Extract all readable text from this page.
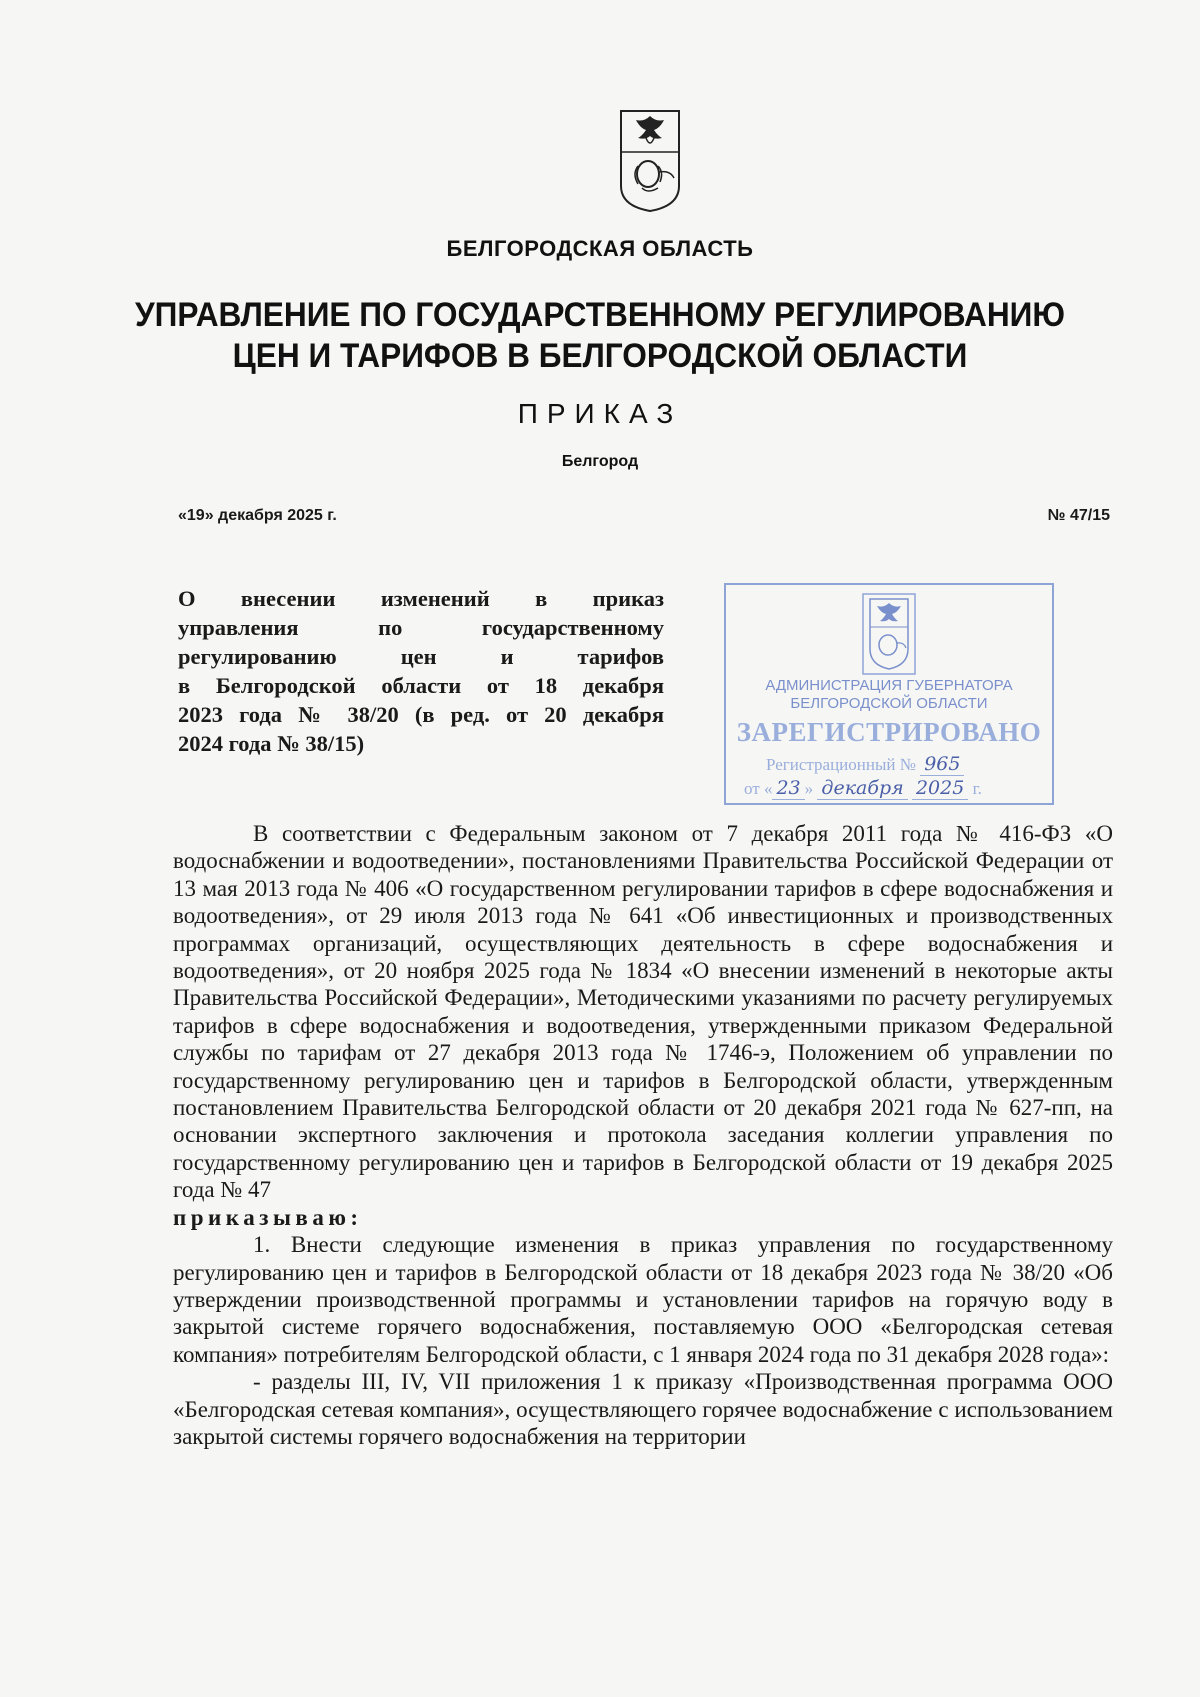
БЕЛГОРОДСКАЯ ОБЛАСТЬ
УПРАВЛЕНИЕ ПО ГОСУДАРСТВЕННОМУ РЕГУЛИРОВАНИЮ
ЦЕН И ТАРИФОВ В БЕЛГОРОДСКОЙ ОБЛАСТИ
ПРИКАЗ
Белгород
«19» декабря 2025 г.	№ 47/15
О внесении изменений в приказ
управления по государственному
регулированию цен и тарифов
в Белгородской области от 18 декабря
2023 года № 38/20 (в ред. от 20 декабря
2024 года № 38/15)
АДМИНИСТРАЦИЯ ГУБЕРНАТОРА
БЕЛГОРОДСКОЙ ОБЛАСТИ
ЗАРЕГИСТРИРОВАНО
Регистрационный № 965
от « 23 » декабря 2025 г.

В соответствии с Федеральным законом от 7 декабря 2011 года № 416-ФЗ «О водоснабжении и водоотведении», постановлениями Правительства Российской Федерации от 13 мая 2013 года № 406 «О государственном регулировании тарифов в сфере водоснабжения и водоотведения», от 29 июля 2013 года № 641 «Об инвестиционных и производственных программах организаций, осуществляющих деятельность в сфере водоснабжения и водоотведения», от 20 ноября 2025 года № 1834 «О внесении изменений в некоторые акты Правительства Российской Федерации», Методическими указаниями по расчету регулируемых тарифов в сфере водоснабжения и водоотведения, утвержденными приказом Федеральной службы по тарифам от 27 декабря 2013 года № 1746-э, Положением об управлении по государственному регулированию цен и тарифов в Белгородской области, утвержденным постановлением Правительства Белгородской области от 20 декабря 2021 года № 627-пп, на основании экспертного заключения и протокола заседания коллегии управления по государственному регулированию цен и тарифов в Белгородской области от 19 декабря 2025 года № 47

приказываю:

1. Внести следующие изменения в приказ управления по государственному регулированию цен и тарифов в Белгородской области от 18 декабря 2023 года № 38/20 «Об утверждении производственной программы и установлении тарифов на горячую воду в закрытой системе горячего водоснабжения, поставляемую ООО «Белгородская сетевая компания» потребителям Белгородской области, с 1 января 2024 года по 31 декабря 2028 года»:

- разделы III, IV, VII приложения 1 к приказу «Производственная программа ООО «Белгородская сетевая компания», осуществляющего горячее водоснабжение с использованием закрытой системы горячего водоснабжения на территории
